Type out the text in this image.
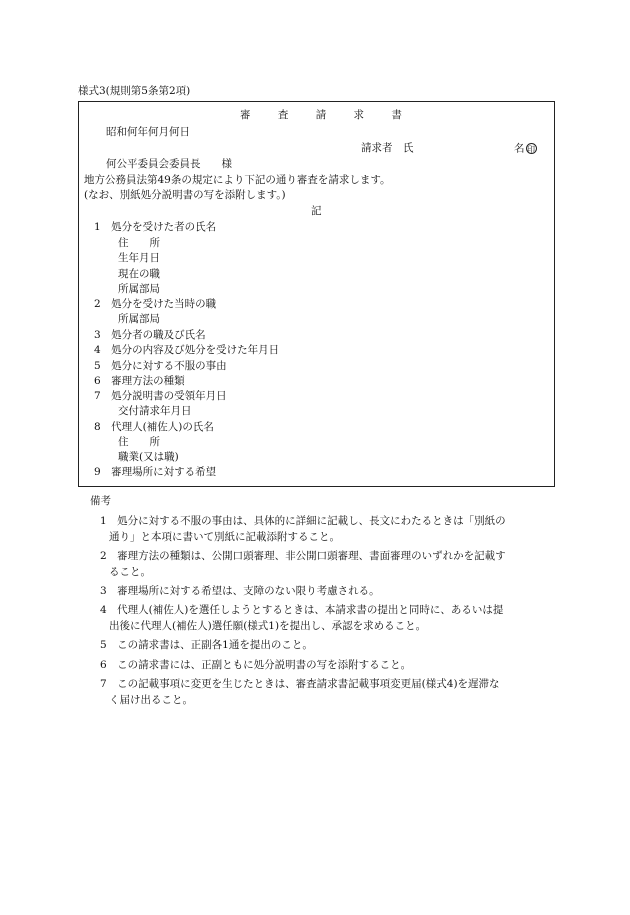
様式3(規則第5条第2項)
審	査	請	求	書
昭和何年何月何日
請求者　氏	名 印
何公平委員会委員長　　様
地方公務員法第49条の規定により下記の通り審査を請求します。
(なお、別紙処分説明書の写を添附します。)
記
1　処分を受けた者の氏名
住　　所
生年月日
現在の職
所属部局
2　処分を受けた当時の職
所属部局
3　処分者の職及び氏名
4　処分の内容及び処分を受けた年月日
5　処分に対する不服の事由
6　審理方法の種類
7　処分説明書の受領年月日
交付請求年月日
8　代理人(補佐人)の氏名
住　　所
職業(又は職)
9　審理場所に対する希望
備考
1　処分に対する不服の事由は、具体的に詳細に記載し、長文にわたるときは「別紙の
通り」と本項に書いて別紙に記載添附すること。
2　審理方法の種類は、公開口頭審理、非公開口頭審理、書面審理のいずれかを記載す
ること。
3　審理場所に対する希望は、支障のない限り考慮される。
4　代理人(補佐人)を選任しようとするときは、本請求書の提出と同時に、あるいは提
出後に代理人(補佐人)選任願(様式1)を提出し、承認を求めること。
5　この請求書は、正副各1通を提出のこと。
6　この請求書には、正副ともに処分説明書の写を添附すること。
7　この記載事項に変更を生じたときは、審査請求書記載事項変更届(様式4)を遅滞な
く届け出ること。
